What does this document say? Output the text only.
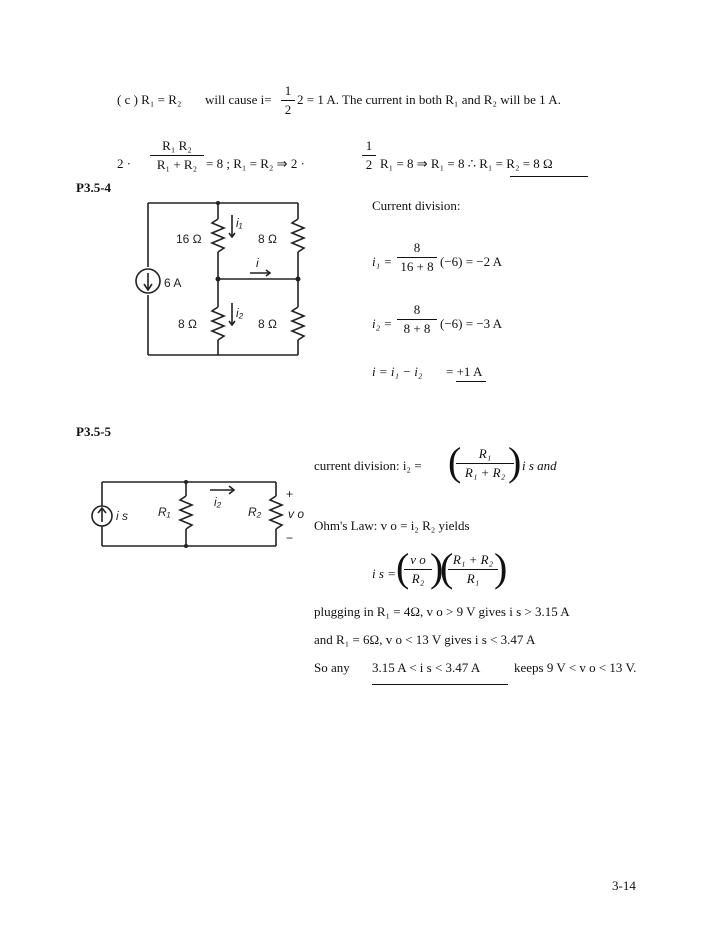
( c ) R₁ = R₂ will cause $i= \frac{1}{2} 2 = 1$ A. The current in both R₁ and R₂ will be 1 A.
$2 \cdot \frac{\text{R₁ R₂}}{\text{R₁ + R₂}} = 8$ ; R₁ = R₂ ⇒ 2 ·	$\frac{1}{2} R_1 = 8$ ⇒ R₁ = 8 ∴ R₁ = R₂ = 8 Ω
P3.5-4
16 Ω	8 Ω
8 Ω	8 Ω
6 A
i₁
i₂
i
Current division:
$i_1 = \frac{8}{16 + 8} (-6) = -2$ A
$i_2 = \frac{8}{8 + 8} (-6) = -3$ A
i = i₁ − i₂ = +1 A
P3.5-5
i s	R₁	R₂
i₂
v o
+
−
current division: i₂ = (
$\frac{\text{R₁}}{\text{R₁ + R₂}}$
) i s and
Ohm's Law: v o = i₂ R₂ yields
i s = (
$\frac{\text{v o}}{\text{R₂}}$
)
(
$\frac{\text{R₁ + R₂}}{\text{R₁}}$
)
plugging in R₁ = 4Ω, v o > 9 V gives i s > 3.15 A
and R₁ = 6Ω, v o < 13 V gives i s < 3.47 A
So any 3.15 A < i s < 3.47 A	keeps 9 V < v o < 13 V.
3-14
